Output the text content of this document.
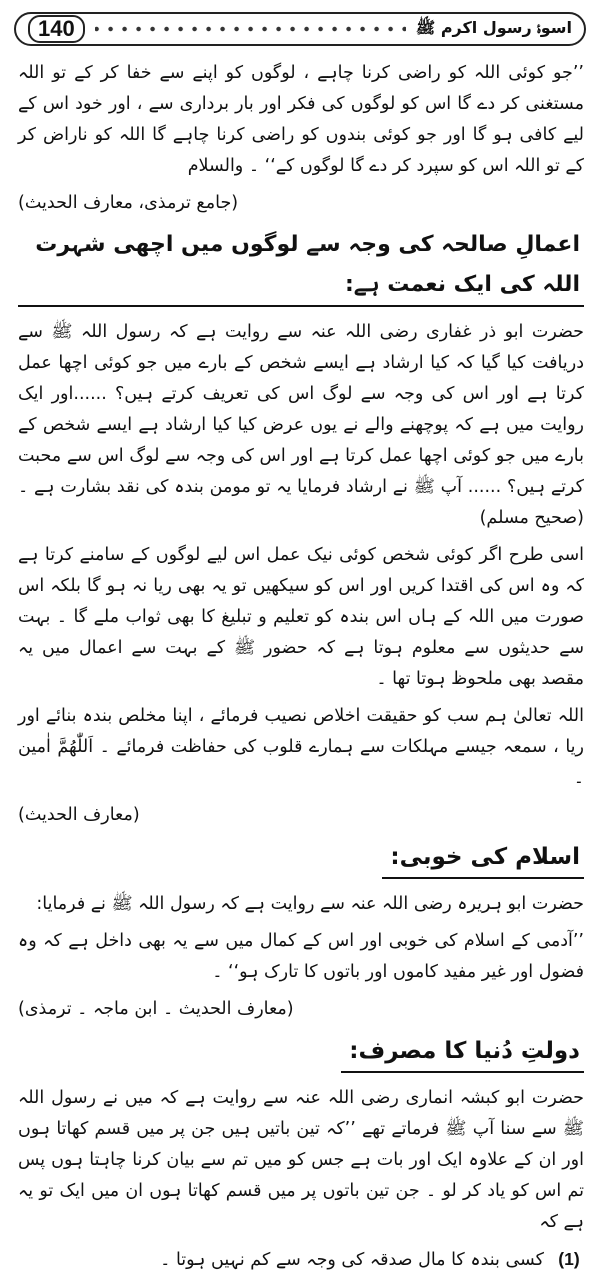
140	اسوۂ رسول اکرم ﷺ

’’جو کوئی اللہ کو راضی کرنا چاہے ، لوگوں کو اپنے سے خفا کر کے تو اللہ مستغنی کر دے گا اس کو لوگوں کی فکر اور بار برداری سے ، اور خود اس کے لیے کافی ہو گا اور جو کوئی بندوں کو راضی کرنا چاہے گا اللہ کو ناراض کر کے تو اللہ اس کو سپرد کر دے گا لوگوں کے‘‘ ۔ والسلام

(جامع ترمذی، معارف الحدیث)

اعمالِ صالحہ کی وجہ سے لوگوں میں اچھی شہرت اللہ کی ایک نعمت ہے:

حضرت ابو ذر غفاری رضی اللہ عنہ سے روایت ہے کہ رسول اللہ ﷺ سے دریافت کیا گیا کہ کیا ارشاد ہے ایسے شخص کے بارے میں جو کوئی اچھا عمل کرتا ہے اور اس کی وجہ سے لوگ اس کی تعریف کرتے ہیں؟ ......اور ایک روایت میں ہے کہ پوچھنے والے نے یوں عرض کیا کیا ارشاد ہے ایسے شخص کے بارے میں جو کوئی اچھا عمل کرتا ہے اور اس کی وجہ سے لوگ اس سے محبت کرتے ہیں؟ ...... آپ ﷺ نے ارشاد فرمایا یہ تو مومن بندہ کی نقد بشارت ہے ۔ (صحیح مسلم)

اسی طرح اگر کوئی شخص کوئی نیک عمل اس لیے لوگوں کے سامنے کرتا ہے کہ وہ اس کی اقتدا کریں اور اس کو سیکھیں تو یہ بھی ریا نہ ہو گا بلکہ اس صورت میں اللہ کے ہاں اس بندہ کو تعلیم و تبلیغ کا بھی ثواب ملے گا ۔ بہت سے حدیثوں سے معلوم ہوتا ہے کہ حضور ﷺ کے بہت سے اعمال میں یہ مقصد بھی ملحوظ ہوتا تھا ۔

اللہ تعالیٰ ہم سب کو حقیقت اخلاص نصیب فرمائے ، اپنا مخلص بندہ بنائے اور ریا ، سمعہ جیسے مہلکات سے ہمارے قلوب کی حفاظت فرمائے ۔ اَللّٰھُمَّ اٰمین ۔

(معارف الحدیث)

اسلام کی خوبی:

حضرت ابو ہریرہ رضی اللہ عنہ سے روایت ہے کہ رسول اللہ ﷺ نے فرمایا:

’’آدمی کے اسلام کی خوبی اور اس کے کمال میں سے یہ بھی داخل ہے کہ وہ فضول اور غیر مفید کاموں اور باتوں کا تارک ہو‘‘ ۔

(معارف الحدیث ۔ ابن ماجہ ۔ ترمذی)

دولتِ دُنیا کا مصرف:

حضرت ابو کبشہ انماری رضی اللہ عنہ سے روایت ہے کہ میں نے رسول اللہ ﷺ سے سنا آپ ﷺ فرماتے تھے ’’کہ تین باتیں ہیں جن پر میں قسم کھاتا ہوں اور ان کے علاوہ ایک اور بات ہے جس کو میں تم سے بیان کرنا چاہتا ہوں پس تم اس کو یاد کر لو ۔ جن تین باتوں پر میں قسم کھاتا ہوں ان میں ایک تو یہ ہے کہ

(1)
کسی بندہ کا مال صدقہ کی وجہ سے کم نہیں ہوتا ۔
